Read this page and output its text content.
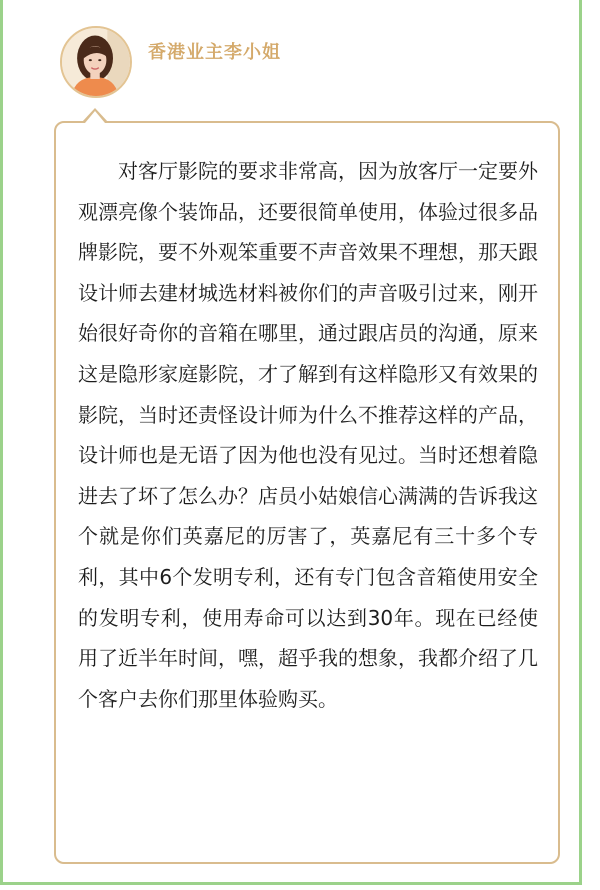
香港业主李小姐

对客厅影院的要求非常高，因为放客厅一定要外观漂亮像个装饰品，还要很简单使用，体验过很多品牌影院，要不外观笨重要不声音效果不理想，那天跟设计师去建材城选材料被你们的声音吸引过来，刚开始很好奇你的音箱在哪里，通过跟店员的沟通，原来这是隐形家庭影院，才了解到有这样隐形又有效果的影院，当时还责怪设计师为什么不推荐这样的产品，设计师也是无语了因为他也没有见过。当时还想着隐进去了坏了怎么办？店员小姑娘信心满满的告诉我这个就是你们英嘉尼的厉害了，英嘉尼有三十多个专利，其中6个发明专利，还有专门包含音箱使用安全的发明专利，使用寿命可以达到30年。现在已经使用了近半年时间，嘿，超乎我的想象，我都介绍了几个客户去你们那里体验购买。
